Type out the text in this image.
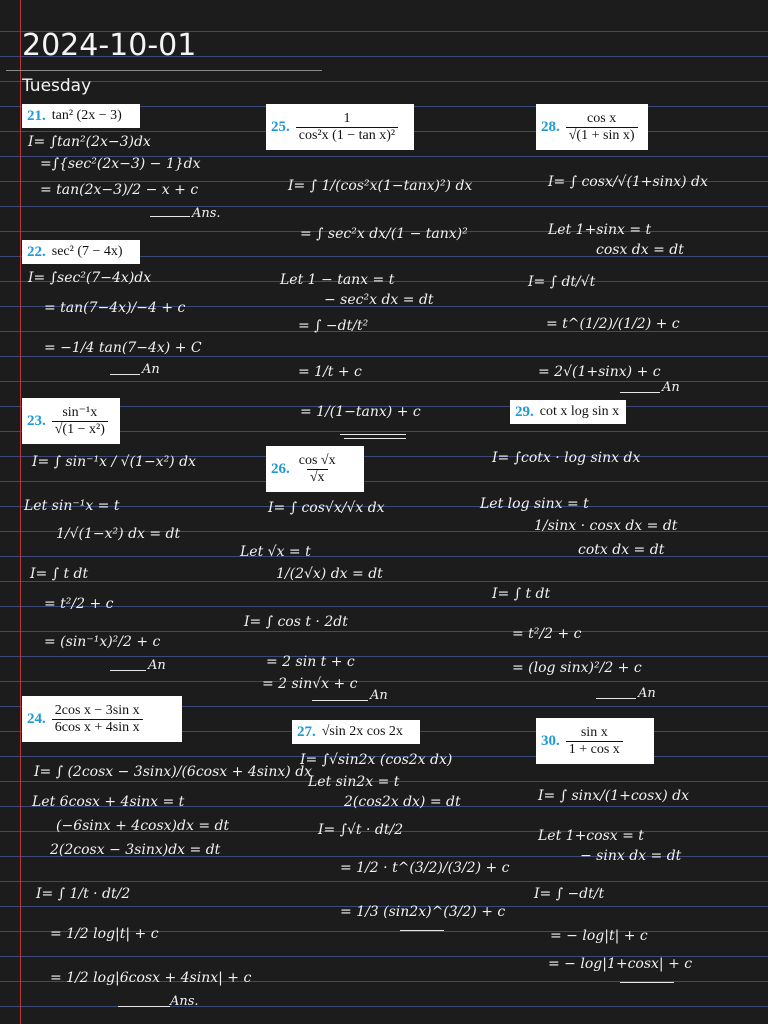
2024-10-01
Tuesday
21. tan² (2x − 3)
22. sec² (7 − 4x)
23. $\frac{\text{sin⁻¹x}}{\text{√(1 − x²)}}$
24. $\frac{\text{2cos x − 3sin x}}{\text{6cos x + 4sin x}}$
25. $\frac{1}{\text{cos²x (1 − tan x)²}}$
26. $\frac{\cos √x}{√x}$
27. √sin 2x cos 2x
28. $\frac{\text{cos x}}{\text{√(1 + sin x)}}$
29. cot x log sin x
30. $\frac{\text{sin x}}{\text{1 + cos x}}$
I= ∫tan²(2x−3)dx
=∫{sec²(2x−3) − 1}dx
= tan(2x−3)/2 − x + c
Ans.
I= ∫sec²(7−4x)dx
= tan(7−4x)/−4 + c
= −1/4 tan(7−4x) + C
An
I= ∫ sin⁻¹x / √(1−x²) dx
Let sin⁻¹x = t
1/√(1−x²) dx = dt
I= ∫ t dt
= t²/2 + c
= (sin⁻¹x)²/2 + c
An
I= ∫ (2cosx − 3sinx)/(6cosx + 4sinx) dx
Let 6cosx + 4sinx = t
(−6sinx + 4cosx)dx = dt
2(2cosx − 3sinx)dx = dt
I= ∫ 1/t · dt/2
= 1/2 log|t| + c
= 1/2 log|6cosx + 4sinx| + c
Ans.
I= ∫ 1/(cos²x(1−tanx)²) dx
= ∫ sec²x dx/(1 − tanx)²
Let 1 − tanx = t
− sec²x dx = dt
= ∫ −dt/t²
= 1/t + c
= 1/(1−tanx) + c
I= ∫ cos√x/√x dx
Let √x = t
1/(2√x) dx = dt
I= ∫ cos t · 2dt
= 2 sin t + c
= 2 sin√x + c
An
I= ∫√sin2x (cos2x dx)
Let sin2x = t
2(cos2x dx) = dt
I= ∫√t · dt/2
= 1/2 · t^(3/2)/(3/2) + c
= 1/3 (sin2x)^(3/2) + c
I= ∫ cosx/√(1+sinx) dx
Let 1+sinx = t
cosx dx = dt
I= ∫ dt/√t
= t^(1/2)/(1/2) + c
= 2√(1+sinx) + c
An
I= ∫cotx · log sinx dx
Let log sinx = t
1/sinx · cosx dx = dt
cotx dx = dt
I= ∫ t dt
= t²/2 + c
= (log sinx)²/2 + c
An
I= ∫ sinx/(1+cosx) dx
Let 1+cosx = t
− sinx dx = dt
I= ∫ −dt/t
= − log|t| + c
= − log|1+cosx| + c
